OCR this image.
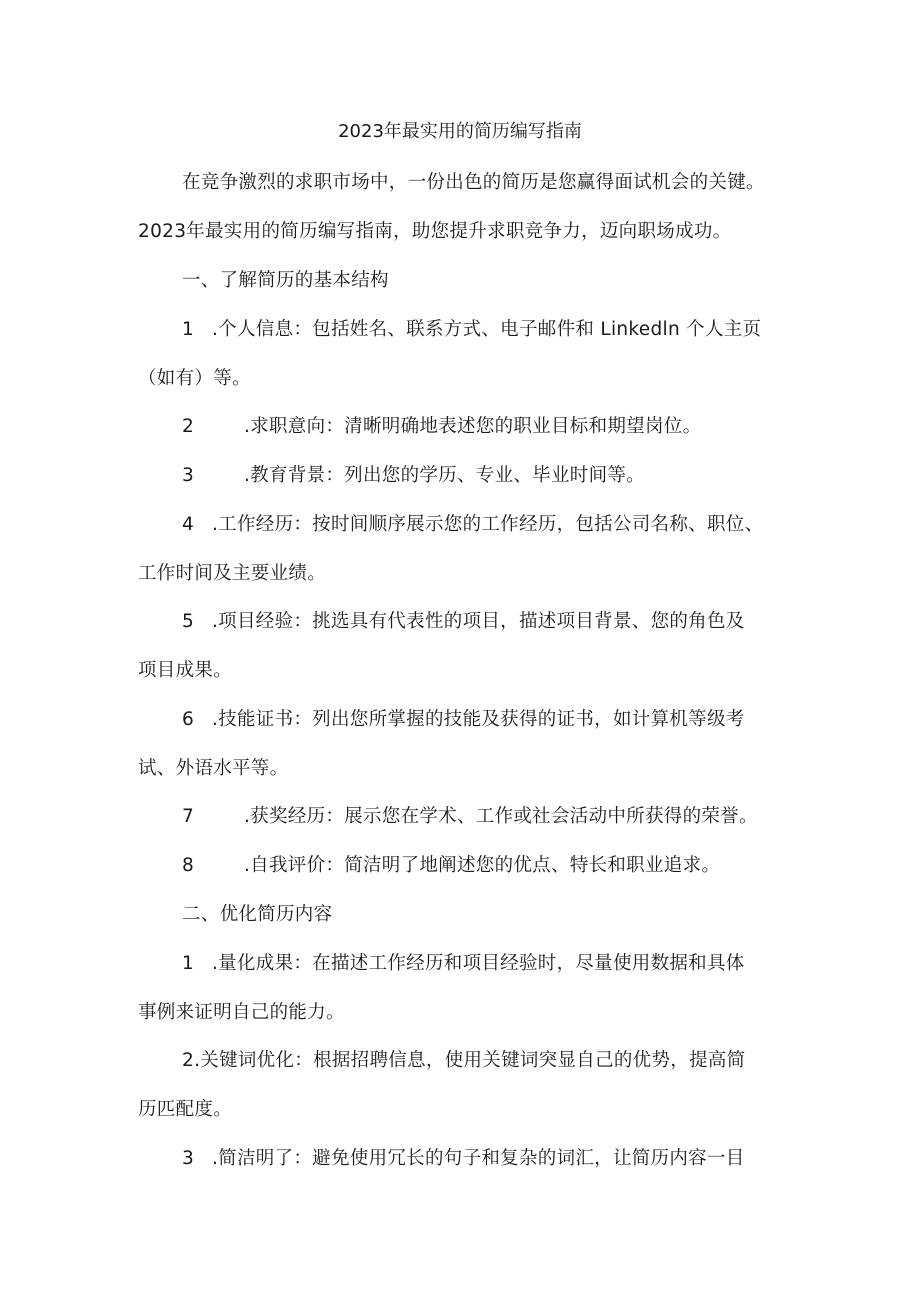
2023年最实用的简历编写指南
在竞争激烈的求职市场中，一份出色的简历是您赢得面试机会的关键。
2023年最实用的简历编写指南，助您提升求职竞争力，迈向职场成功。
一、了解简历的基本结构
1 .个人信息：包括姓名、联系方式、电子邮件和 Linkedln 个人主页
（如有）等。
2	.求职意向：清晰明确地表述您的职业目标和期望岗位。
3	.教育背景：列出您的学历、专业、毕业时间等。
4 .工作经历：按时间顺序展示您的工作经历，包括公司名称、职位、
工作时间及主要业绩。
5 .项目经验：挑选具有代表性的项目，描述项目背景、您的角色及
项目成果。
6 .技能证书：列出您所掌握的技能及获得的证书，如计算机等级考
试、外语水平等。
7	.获奖经历：展示您在学术、工作或社会活动中所获得的荣誉。
8	.自我评价：简洁明了地阐述您的优点、特长和职业追求。
二、优化简历内容
1 .量化成果：在描述工作经历和项目经验时，尽量使用数据和具体
事例来证明自己的能力。
2.关键词优化：根据招聘信息，使用关键词突显自己的优势，提高简
历匹配度。
3 .简洁明了：避免使用冗长的句子和复杂的词汇，让简历内容一目
